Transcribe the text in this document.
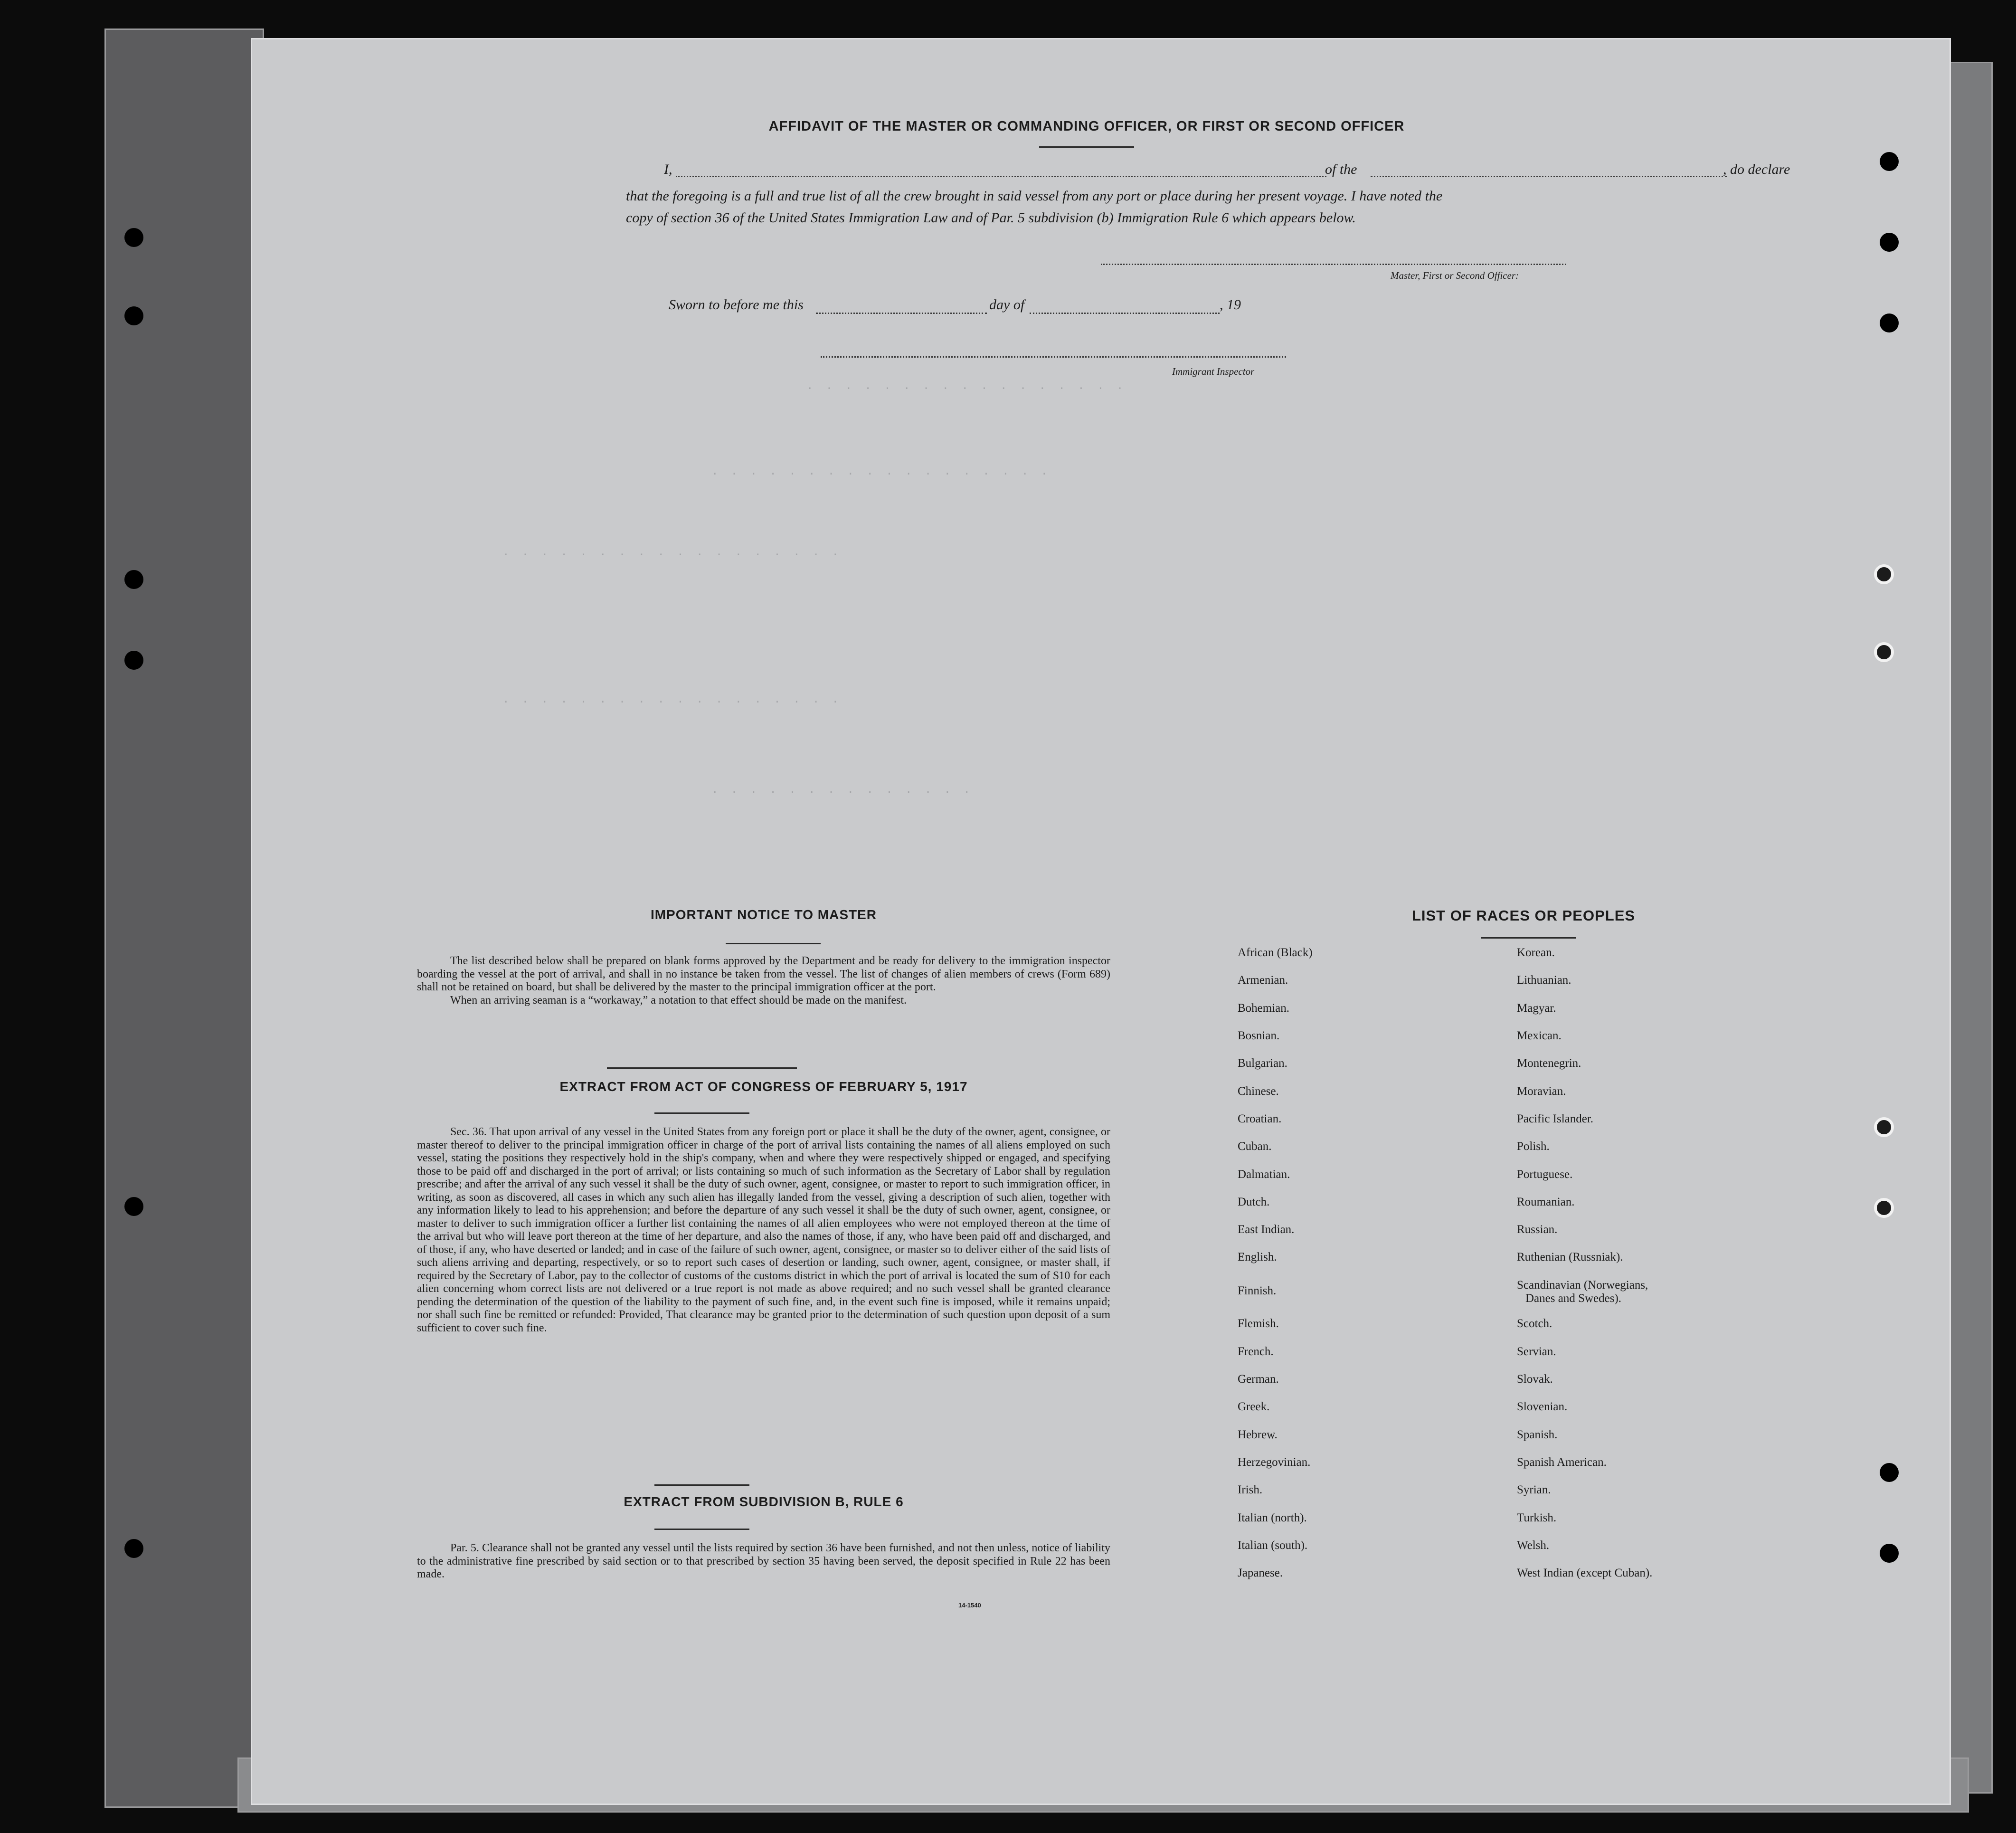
. . . . . . . . . . . . . . . . .
. . . . . . . . . . . . . . . . . .
. . . . . . . . . . . . . . . . . .
. . . . . . . . . . . . . . . . . .
. . . . . . . . . . . . . .
AFFIDAVIT OF THE MASTER OR COMMANDING OFFICER, OR FIRST OR SECOND OFFICER
I,	of the	, do declare
that the foregoing is a full and true list of all the crew brought in said vessel from any port or place during her present voyage. I have noted the
copy of section 36 of the United States Immigration Law and of Par. 5 subdivision (b) Immigration Rule 6 which appears below.
Master, First or Second Officer:
Sworn to before me this	day of	, 19
Immigrant Inspector
IMPORTANT NOTICE TO MASTER
The list described below shall be prepared on blank forms approved by the Department and be ready for delivery to the immigration inspector boarding the vessel at the port of arrival, and shall in no instance be taken from the vessel. The list of changes of alien members of crews (Form 689) shall not be retained on board, but shall be delivered by the master to the principal immigration officer at the port.
When an arriving seaman is a “workaway,” a notation to that effect should be made on the manifest.
EXTRACT FROM ACT OF CONGRESS OF FEBRUARY 5, 1917
Sec. 36. That upon arrival of any vessel in the United States from any foreign port or place it shall be the duty of the owner, agent, consignee, or master thereof to deliver to the principal immigration officer in charge of the port of arrival lists containing the names of all aliens employed on such vessel, stating the positions they respectively hold in the ship's company, when and where they were respectively shipped or engaged, and specifying those to be paid off and discharged in the port of arrival; or lists containing so much of such information as the Secretary of Labor shall by regulation prescribe; and after the arrival of any such vessel it shall be the duty of such owner, agent, consignee, or master to report to such immigration officer, in writing, as soon as discovered, all cases in which any such alien has illegally landed from the vessel, giving a description of such alien, together with any information likely to lead to his apprehension; and before the departure of any such vessel it shall be the duty of such owner, agent, consignee, or master to deliver to such immigration officer a further list containing the names of all alien employees who were not employed thereon at the time of the arrival but who will leave port thereon at the time of her departure, and also the names of those, if any, who have been paid off and discharged, and of those, if any, who have deserted or landed; and in case of the failure of such owner, agent, consignee, or master so to deliver either of the said lists of such aliens arriving and departing, respectively, or so to report such cases of desertion or landing, such owner, agent, consignee, or master shall, if required by the Secretary of Labor, pay to the collector of customs of the customs district in which the port of arrival is located the sum of $10 for each alien concerning whom correct lists are not delivered or a true report is not made as above required; and no such vessel shall be granted clearance pending the determination of the question of the liability to the payment of such fine, and, in the event such fine is imposed, while it remains unpaid; nor shall such fine be remitted or refunded: Provided, That clearance may be granted prior to the determination of such question upon deposit of a sum sufficient to cover such fine.
EXTRACT FROM SUBDIVISION B, RULE 6
Par. 5. Clearance shall not be granted any vessel until the lists required by section 36 have been furnished, and not then unless, notice of liability to the administrative fine prescribed by said section or to that prescribed by section 35 having been served, the deposit specified in Rule 22 has been made.
14-1540
LIST OF RACES OR PEOPLES
African (Black)
Armenian.
Bohemian.
Bosnian.
Bulgarian.
Chinese.
Croatian.
Cuban.
Dalmatian.
Dutch.
East Indian.
English.
Finnish.
Flemish.
French.
German.
Greek.
Hebrew.
Herzegovinian.
Irish.
Italian (north).
Italian (south).
Japanese.
Korean.
Lithuanian.
Magyar.
Mexican.
Montenegrin.
Moravian.
Pacific Islander.
Polish.
Portuguese.
Roumanian.
Russian.
Ruthenian (Russniak).
Scandinavian (Norwegians,
Danes and Swedes).
Scotch.
Servian.
Slovak.
Slovenian.
Spanish.
Spanish American.
Syrian.
Turkish.
Welsh.
West Indian (except Cuban).
